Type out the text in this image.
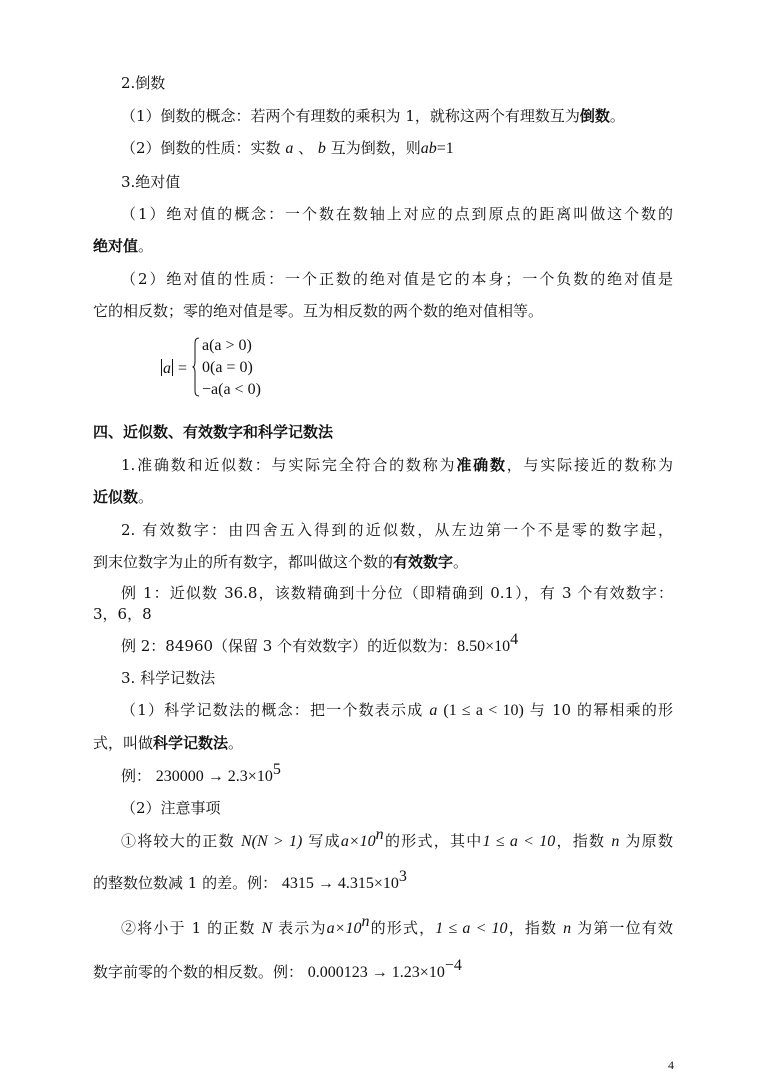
2.倒数
（1）倒数的概念：若两个有理数的乘积为 1，就称这两个有理数互为倒数。
（2）倒数的性质：实数 a 、 b 互为倒数，则ab=1
3.绝对值
（1）绝对值的概念：一个数在数轴上对应的点到原点的距离叫做这个数的
绝对值。
（2）绝对值的性质：一个正数的绝对值是它的本身；一个负数的绝对值是
它的相反数；零的绝对值是零。互为相反数的两个数的绝对值相等。
a =
a(a > 0)
0(a = 0)
−a(a < 0)
四、近似数、有效数字和科学记数法
1.准确数和近似数：与实际完全符合的数称为准确数，与实际接近的数称为
近似数。
2. 有效数字：由四舍五入得到的近似数，从左边第一个不是零的数字起，
到末位数字为止的所有数字，都叫做这个数的有效数字。
例 1：近似数 36.8，该数精确到十分位（即精确到 0.1），有 3 个有效数字：
3，6，8
例 2：84960（保留 3 个有效数字）的近似数为：$8.50\times 10^4$
3. 科学记数法
（1）科学记数法的概念：把一个数表示成 a (1 ≤ a < 10) 与 10 的幂相乘的形
式，叫做科学记数法。
例： $230000 \to 2.3\times 10^5$
（2）注意事项
①将较大的正数 N(N > 1) 写成$a\times 10^n$的形式，其中1 ≤ a < 10，指数 n 为原数
的整数位数减 1 的差。例： $4315 \to 4.315\times 10^3$
②将小于 1 的正数 N 表示为$a\times 10^n$的形式，1 ≤ a < 10，指数 n 为第一位有效
数字前零的个数的相反数。例： $0.000123 \to 1.23\times 10^{-4}$
4
